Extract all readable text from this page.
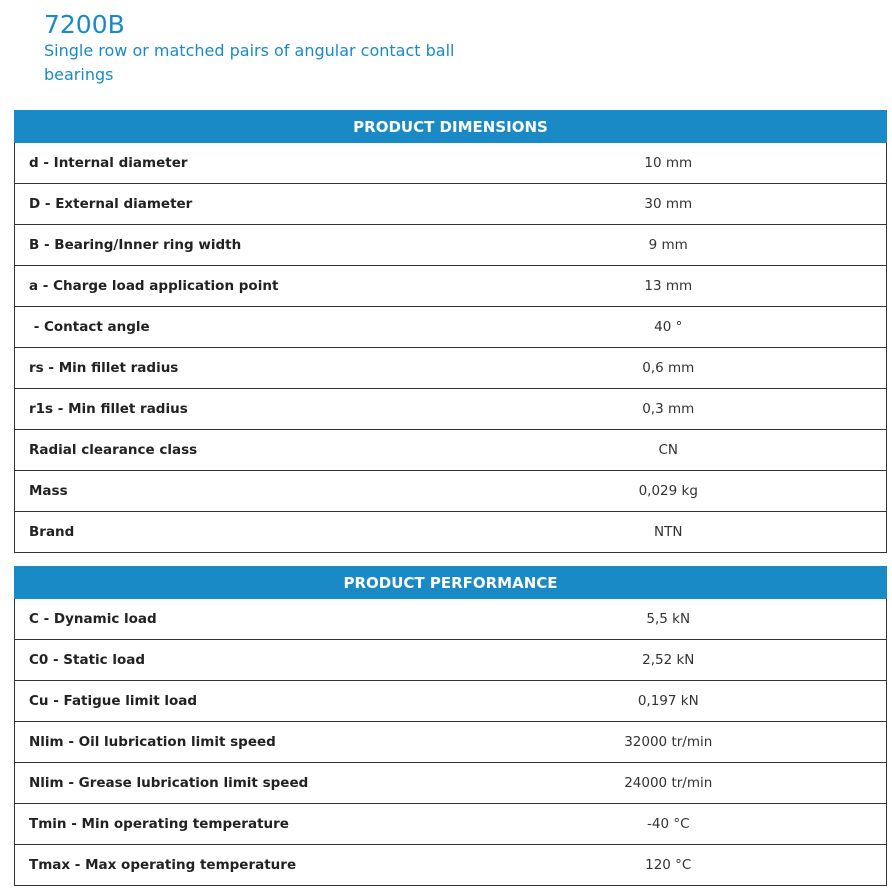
7200B
Single row or matched pairs of angular contact ball bearings
PRODUCT DIMENSIONS	
d - Internal diameter	10 mm
D - External diameter	30 mm
B - Bearing/Inner ring width	9 mm
a - Charge load application point	13 mm
- Contact angle	40 °
rs - Min fillet radius	0,6 mm
r1s - Min fillet radius	0,3 mm
Radial clearance class	CN
Mass	0,029 kg
Brand	NTN
PRODUCT PERFORMANCE	
C - Dynamic load	5,5 kN
C0 - Static load	2,52 kN
Cu - Fatigue limit load	0,197 kN
Nlim - Oil lubrication limit speed	32000 tr/min
Nlim - Grease lubrication limit speed	24000 tr/min
Tmin - Min operating temperature	-40 °C
Tmax - Max operating temperature	120 °C
